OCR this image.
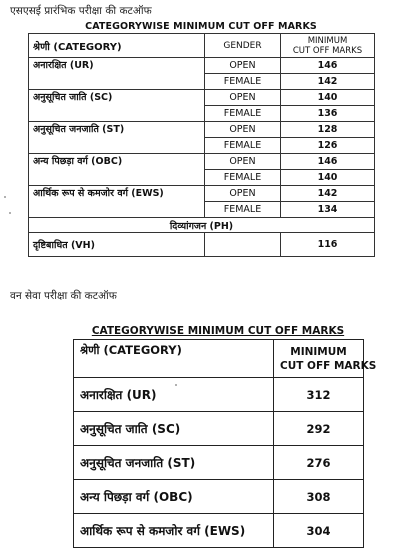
एसएसई प्रारंभिक परीक्षा की कटऑफ
CATEGORYWISE MINIMUM CUT OFF MARKS
श्रेणी (CATEGORY)	GENDER	MINIMUM
CUT OFF MARKS

अनारक्षित (UR)	OPEN	146
	FEMALE	142
अनुसूचित जाति (SC)	OPEN	140
	FEMALE	136
अनुसूचित जनजाति (ST)	OPEN	128
	FEMALE	126
अन्य पिछड़ा वर्ग (OBC)	OPEN	146
	FEMALE	140
आर्थिक रूप से कमजोर वर्ग (EWS)	OPEN	142
	FEMALE	134
दिव्यांगजन (PH)		
दृष्टिबाधित (VH)		116
वन सेवा परीक्षा की कटऑफ
CATEGORYWISE MINIMUM CUT OFF MARKS
श्रेणी (CATEGORY)	MINIMUM
CUT OFF MARKS

अनारक्षित (UR)	312
अनुसूचित जाति (SC)	292
अनुसूचित जनजाति (ST)	276
अन्य पिछड़ा वर्ग (OBC)	308
आर्थिक रूप से कमजोर वर्ग (EWS)	304
